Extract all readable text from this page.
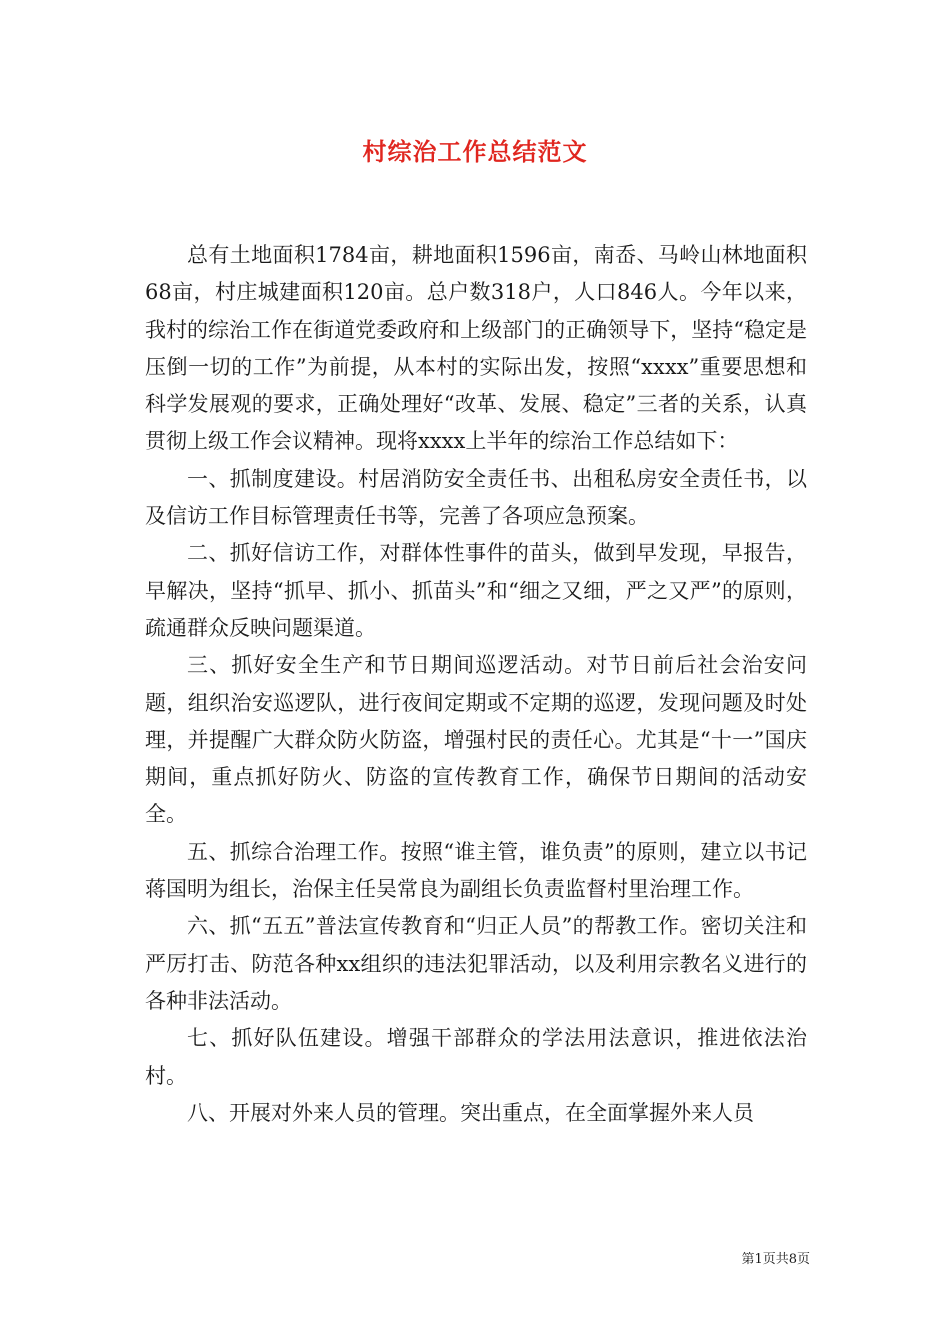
村综治工作总结范文

总有土地面积1784亩，耕地面积1596亩，南岙、马岭山林地面积68亩，村庄城建面积120亩。总户数318户，人口846人。今年以来，我村的综治工作在街道党委政府和上级部门的正确领导下，坚持“稳定是压倒一切的工作”为前提，从本村的实际出发，按照“xxxx”重要思想和科学发展观的要求，正确处理好“改革、发展、稳定”三者的关系，认真贯彻上级工作会议精神。现将xxxx上半年的综治工作总结如下：

一、抓制度建设。村居消防安全责任书、出租私房安全责任书，以及信访工作目标管理责任书等，完善了各项应急预案。

二、抓好信访工作，对群体性事件的苗头，做到早发现，早报告，早解决，坚持“抓早、抓小、抓苗头”和“细之又细，严之又严”的原则，疏通群众反映问题渠道。

三、抓好安全生产和节日期间巡逻活动。对节日前后社会治安问题，组织治安巡逻队，进行夜间定期或不定期的巡逻，发现问题及时处理，并提醒广大群众防火防盗，增强村民的责任心。尤其是“十一”国庆期间，重点抓好防火、防盗的宣传教育工作，确保节日期间的活动安全。

五、抓综合治理工作。按照“谁主管，谁负责”的原则，建立以书记蒋国明为组长，治保主任吴常良为副组长负责监督村里治理工作。

六、抓“五五”普法宣传教育和“归正人员”的帮教工作。密切关注和严厉打击、防范各种xx组织的违法犯罪活动，以及利用宗教名义进行的各种非法活动。

七、抓好队伍建设。增强干部群众的学法用法意识，推进依法治村。

八、开展对外来人员的管理。突出重点，在全面掌握外来人员

第1页共8页
